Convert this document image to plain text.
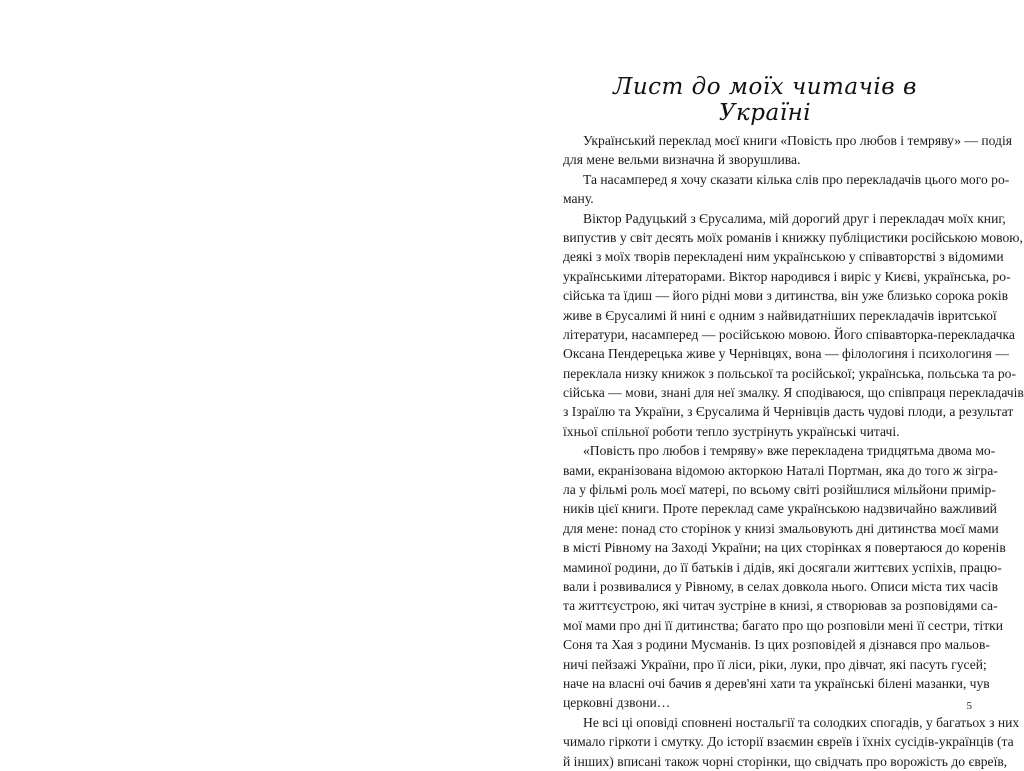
Лист до моїх читачів в Україні
Український переклад моєї книги «Повість про любов і темряву» — подія
для мене вельми визначна й зворушлива.
Та насамперед я хочу сказати кілька слів про перекладачів цього мого ро-
ману.
Віктор Радуцький з Єрусалима, мій дорогий друг і перекладач моїх книг,
випустив у світ десять моїх романів і книжку публіцистики російською мовою,
деякі з моїх творів перекладені ним українською у співавторстві з відомими
українськими літераторами. Віктор народився і виріс у Києві, українська, ро-
сійська та їдиш — його рідні мови з дитинства, він уже близько сорока років
живе в Єрусалимі й нині є одним з найвидатніших перекладачів івритської
літератури, насамперед — російською мовою. Його співавторка-перекладачка
Оксана Пендерецька живе у Чернівцях, вона — філологиня і психологиня —
переклала низку книжок з польської та російської; українська, польська та ро-
сійська — мови, знані для неї змалку. Я сподіваюся, що співпраця перекладачів
з Ізраїлю та України, з Єрусалима й Чернівців дасть чудові плоди, а результат
їхньої спільної роботи тепло зустрінуть українські читачі.
«Повість про любов і темряву» вже перекладена тридцятьма двома мо-
вами, екранізована відомою акторкою Наталі Портман, яка до того ж зігра-
ла у фільмі роль моєї матері, по всьому світі розійшлися мільйони примір-
ників цієї книги. Проте переклад саме українською надзвичайно важливий
для мене: понад сто сторінок у книзі змальовують дні дитинства моєї мами
в місті Рівному на Заході України; на цих сторінках я повертаюся до коренів
маминої родини, до її батьків і дідів, які досягали життєвих успіхів, працю-
вали і розвивалися у Рівному, в селах довкола нього. Описи міста тих часів
та життєустрою, які читач зустріне в книзі, я створював за розповідями са-
мої мами про дні її дитинства; багато про що розповіли мені її сестри, тітки
Соня та Хая з родини Мусманів. Із цих розповідей я дізнався про мальов-
ничі пейзажі України, про її ліси, ріки, луки, про дівчат, які пасуть гусей;
наче на власні очі бачив я дерев'яні хати та українські білені мазанки, чув
церковні дзвони…
Не всі ці оповіді сповнені ностальгії та солодких спогадів, у багатьох з них
чимало гіркоти і смутку. До історії взаємин євреїв і їхніх сусідів-українців (та
й інших) вписані також чорні сторінки, що свідчать про ворожість до євреїв,
5
